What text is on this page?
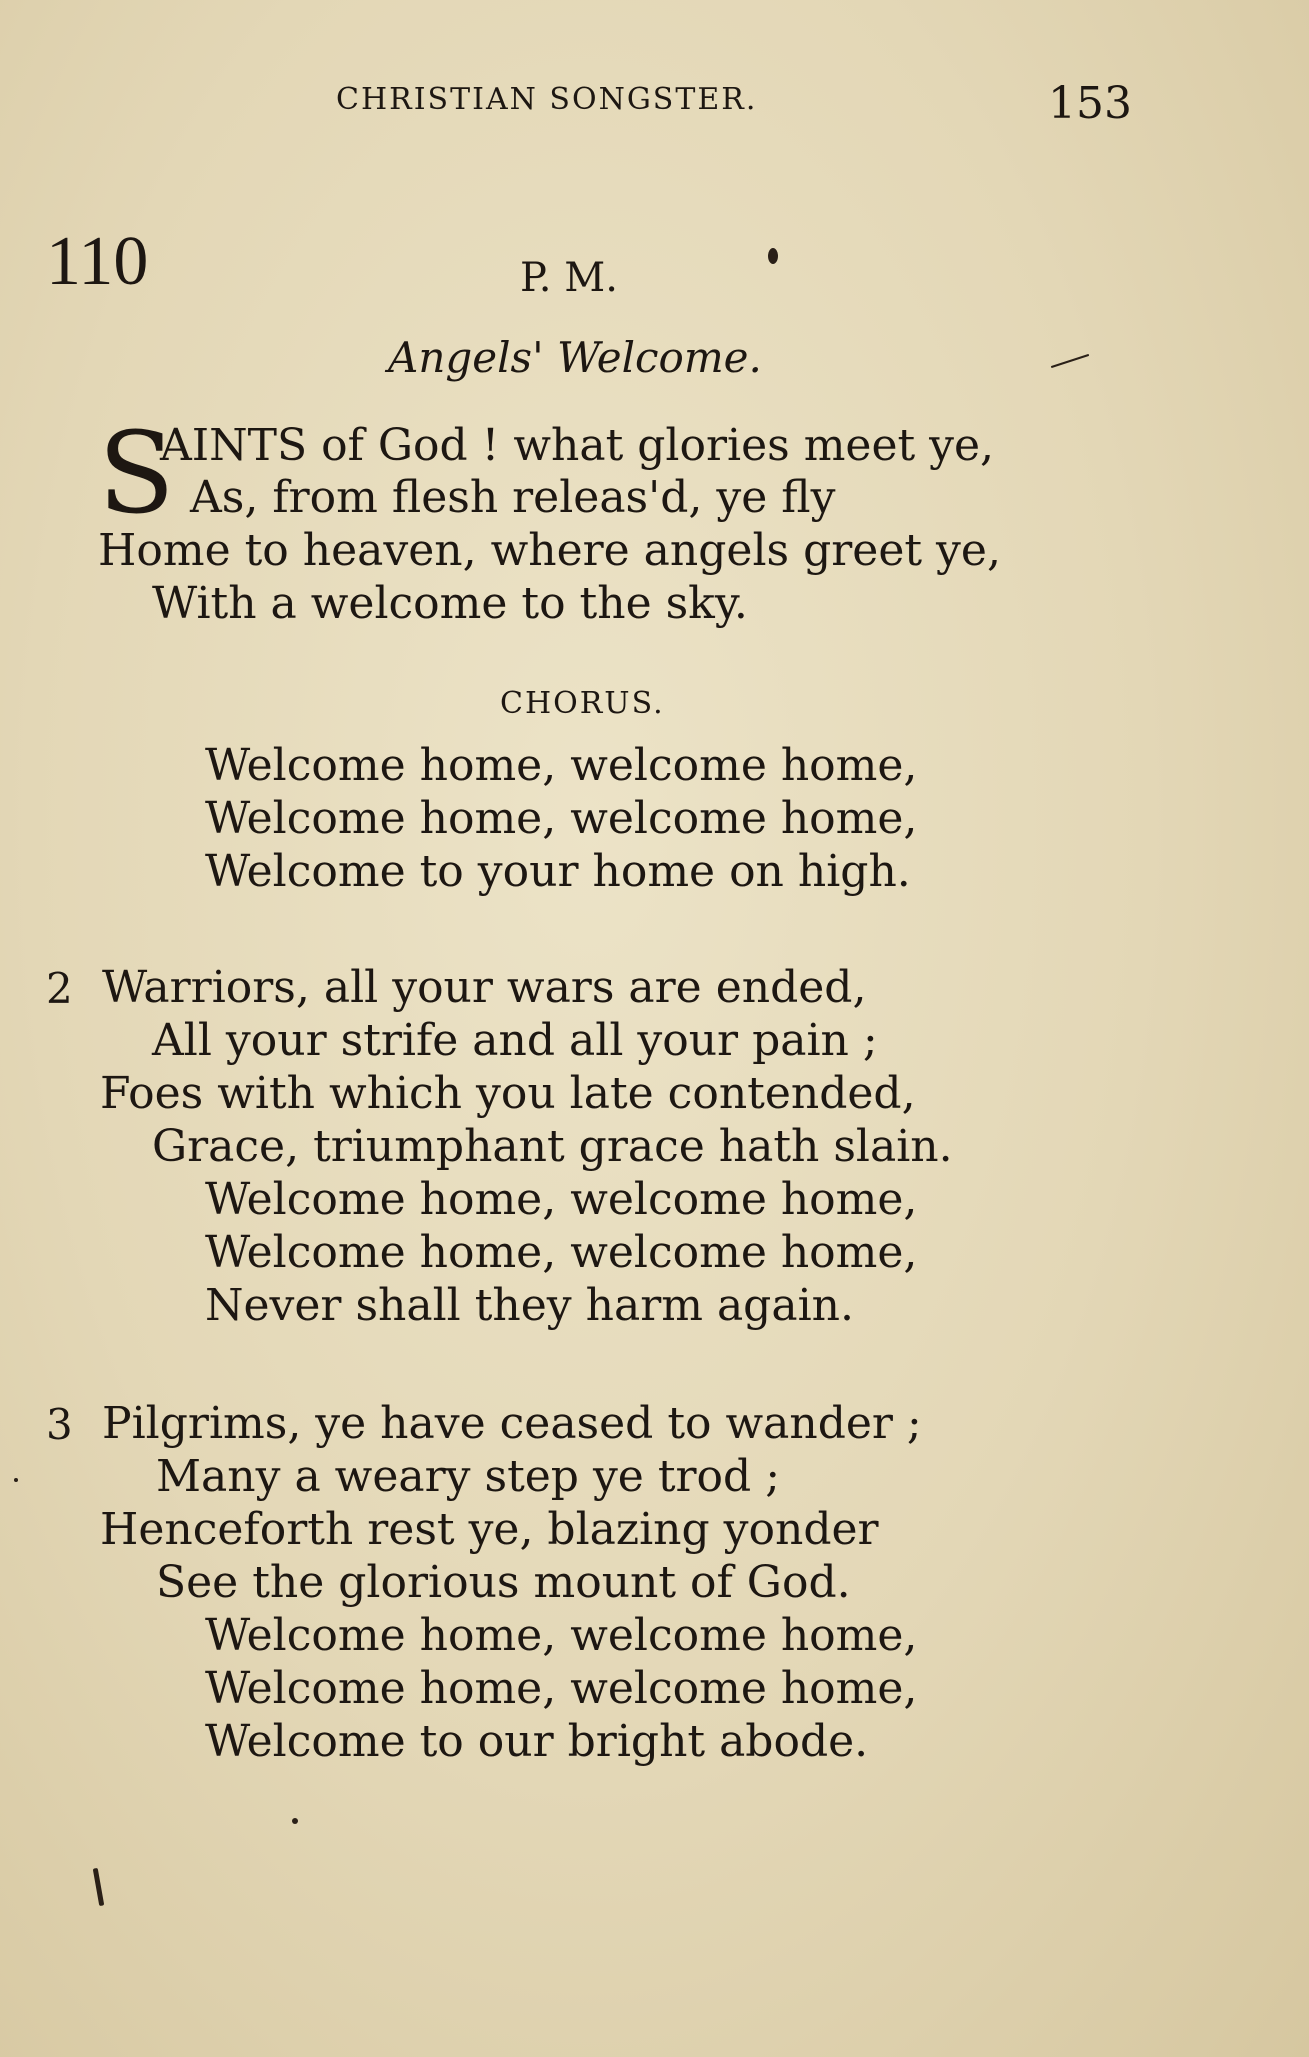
CHRISTIAN SONGSTER.	153
110	P. M.
Angels' Welcome.
S
AINTS of God ! what glories meet ye,
As, from flesh releas'd, ye fly
Home to heaven, where angels greet ye,
With a welcome to the sky.
CHORUS.
Welcome home, welcome home,
Welcome home, welcome home,
Welcome to your home on high.
2 Warriors, all your wars are ended,
All your strife and all your pain ;
Foes with which you late contended,
Grace, triumphant grace hath slain.
Welcome home, welcome home,
Welcome home, welcome home,
Never shall they harm again.
3 Pilgrims, ye have ceased to wander ;
Many a weary step ye trod ;
Henceforth rest ye, blazing yonder
See the glorious mount of God.
Welcome home, welcome home,
Welcome home, welcome home,
Welcome to our bright abode.
